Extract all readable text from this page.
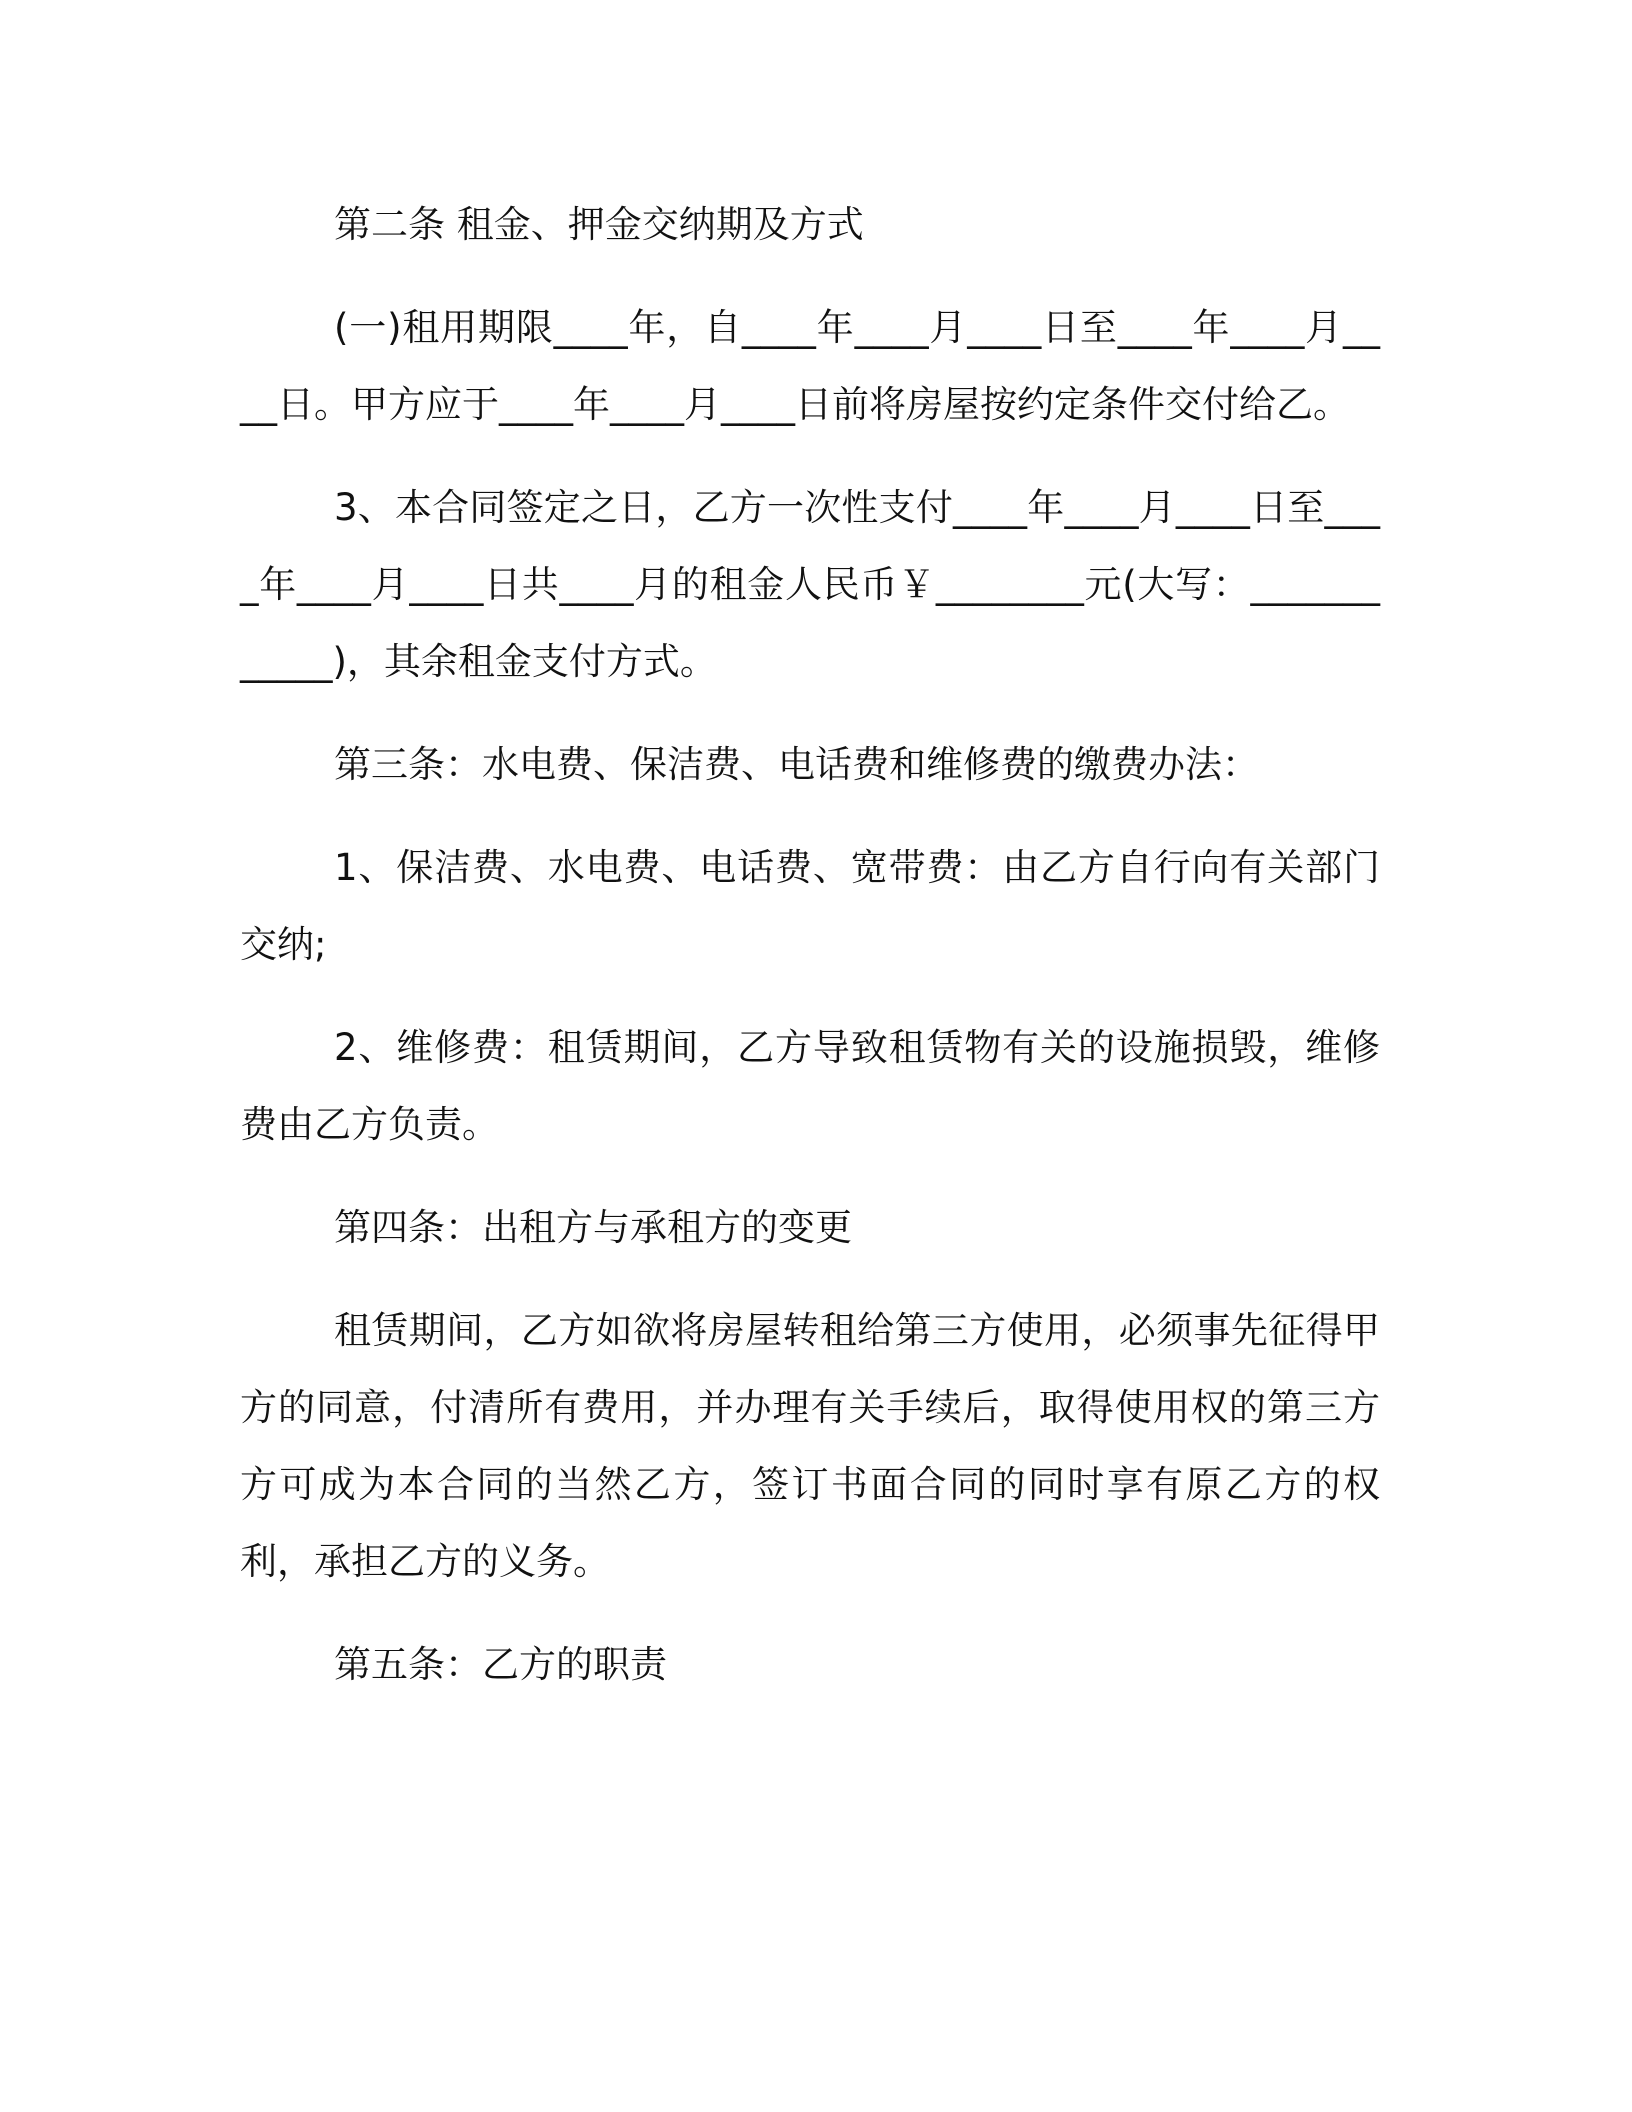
第二条 租金、押金交纳期及方式

(一)租用期限____年，自____年____月____日至____年____月____日。甲方应于____年____月____日前将房屋按约定条件交付给乙。

3、本合同签定之日，乙方一次性支付____年____月____日至____年____月____日共____月的租金人民币￥________元(大写：____________)，其余租金支付方式。

第三条：水电费、保洁费、电话费和维修费的缴费办法：

1、保洁费、水电费、电话费、宽带费：由乙方自行向有关部门交纳;

2、维修费：租赁期间，乙方导致租赁物有关的设施损毁，维修费由乙方负责。

第四条：出租方与承租方的变更

租赁期间，乙方如欲将房屋转租给第三方使用，必须事先征得甲方的同意，付清所有费用，并办理有关手续后，取得使用权的第三方方可成为本合同的当然乙方，签订书面合同的同时享有原乙方的权利，承担乙方的义务。

第五条：乙方的职责
